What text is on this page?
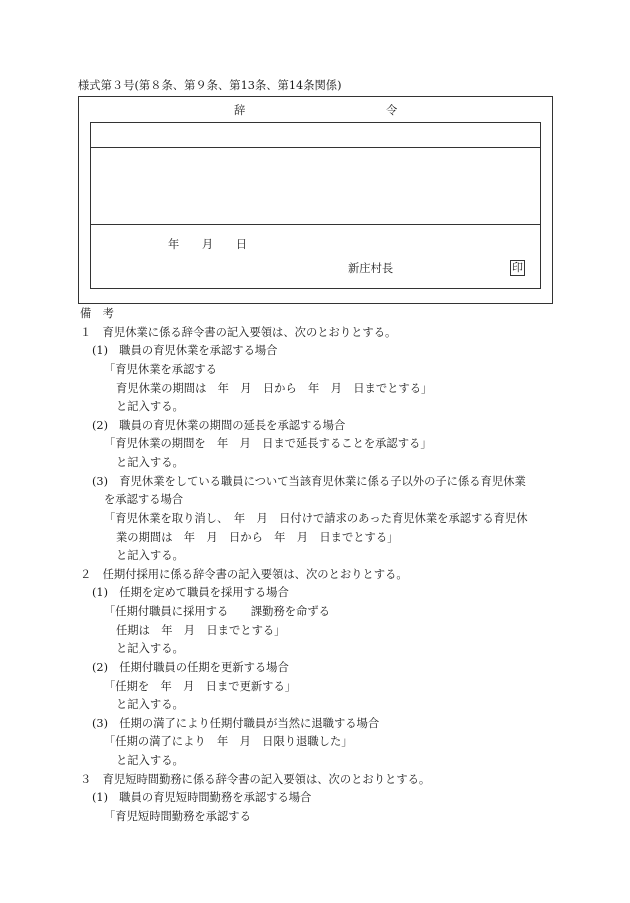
様式第３号(第８条、第９条、第13条、第14条関係)
辞	令
年　　月　　日
新庄村長	印
備　考
１　育児休業に係る辞令書の記入要領は、次のとおりとする。
(1)　職員の育児休業を承認する場合
「育児休業を承認する
育児休業の期間は　年　月　日から　年　月　日までとする」
と記入する。
(2)　職員の育児休業の期間の延長を承認する場合
「育児休業の期間を　年　月　日まで延長することを承認する」
と記入する。
(3)　育児休業をしている職員について当該育児休業に係る子以外の子に係る育児休業
を承認する場合
「育児休業を取り消し、　年　月　日付けで請求のあった育児休業を承認する育児休
業の期間は　年　月　日から　年　月　日までとする」
と記入する。
２　任期付採用に係る辞令書の記入要領は、次のとおりとする。
(1)　任期を定めて職員を採用する場合
「任期付職員に採用する　　課勤務を命ずる
任期は　年　月　日までとする」
と記入する。
(2)　任期付職員の任期を更新する場合
「任期を　年　月　日まで更新する」
と記入する。
(3)　任期の満了により任期付職員が当然に退職する場合
「任期の満了により　年　月　日限り退職した」
と記入する。
３　育児短時間勤務に係る辞令書の記入要領は、次のとおりとする。
(1)　職員の育児短時間勤務を承認する場合
「育児短時間勤務を承認する
